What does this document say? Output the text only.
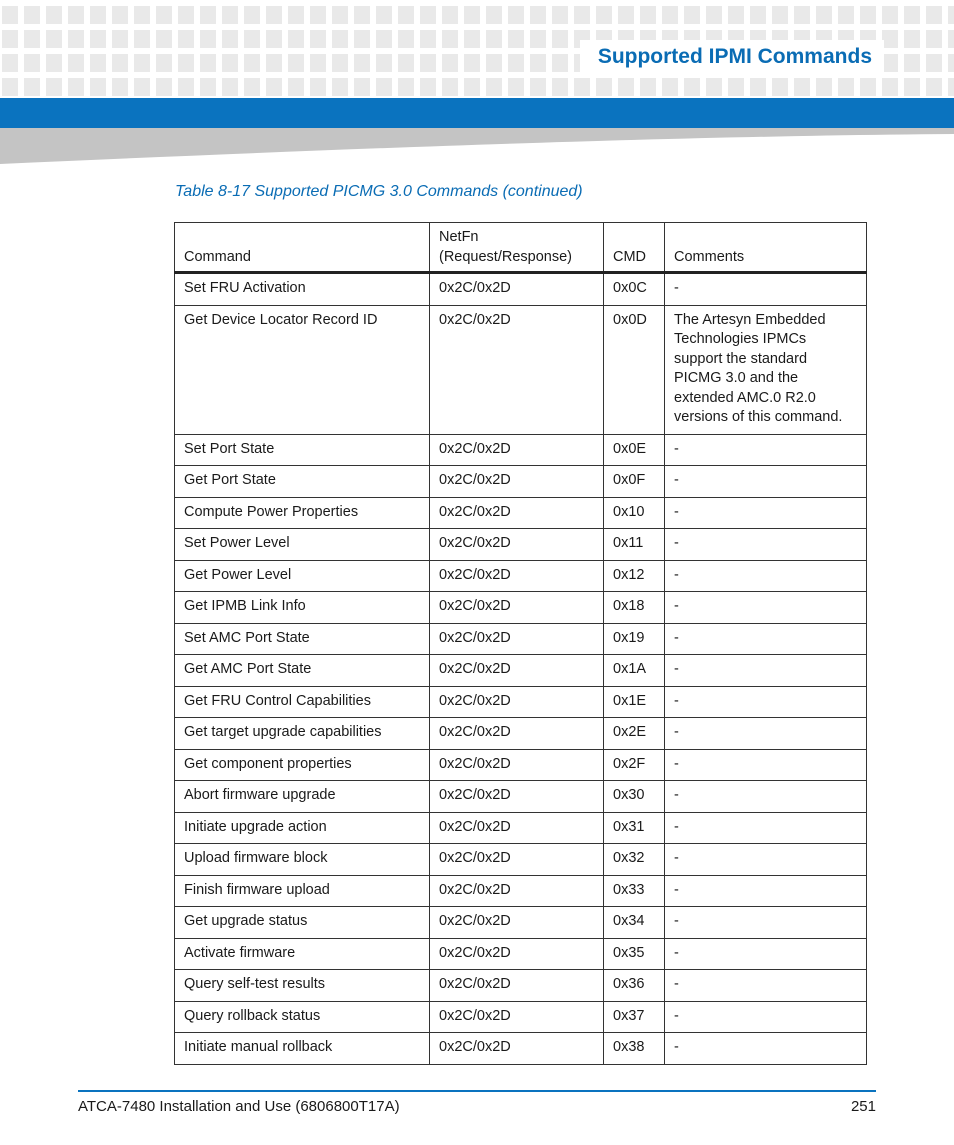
Supported IPMI Commands
Table 8-17 Supported PICMG 3.0 Commands (continued)
Command	NetFn (Request/Response)	CMD	Comments
Set FRU Activation	0x2C/0x2D	0x0C	-
Get Device Locator Record ID	0x2C/0x2D	0x0D	The Artesyn Embedded Technologies IPMCs support the standard PICMG 3.0 and the extended AMC.0 R2.0 versions of this command.
Set Port State	0x2C/0x2D	0x0E	-
Get Port State	0x2C/0x2D	0x0F	-
Compute Power Properties	0x2C/0x2D	0x10	-
Set Power Level	0x2C/0x2D	0x11	-
Get Power Level	0x2C/0x2D	0x12	-
Get IPMB Link Info	0x2C/0x2D	0x18	-
Set AMC Port State	0x2C/0x2D	0x19	-
Get AMC Port State	0x2C/0x2D	0x1A	-
Get FRU Control Capabilities	0x2C/0x2D	0x1E	-
Get target upgrade capabilities	0x2C/0x2D	0x2E	-
Get component properties	0x2C/0x2D	0x2F	-
Abort firmware upgrade	0x2C/0x2D	0x30	-
Initiate upgrade action	0x2C/0x2D	0x31	-
Upload firmware block	0x2C/0x2D	0x32	-
Finish firmware upload	0x2C/0x2D	0x33	-
Get upgrade status	0x2C/0x2D	0x34	-
Activate firmware	0x2C/0x2D	0x35	-
Query self-test results	0x2C/0x2D	0x36	-
Query rollback status	0x2C/0x2D	0x37	-
Initiate manual rollback	0x2C/0x2D	0x38	-
ATCA-7480 Installation and Use (6806800T17A)	251
